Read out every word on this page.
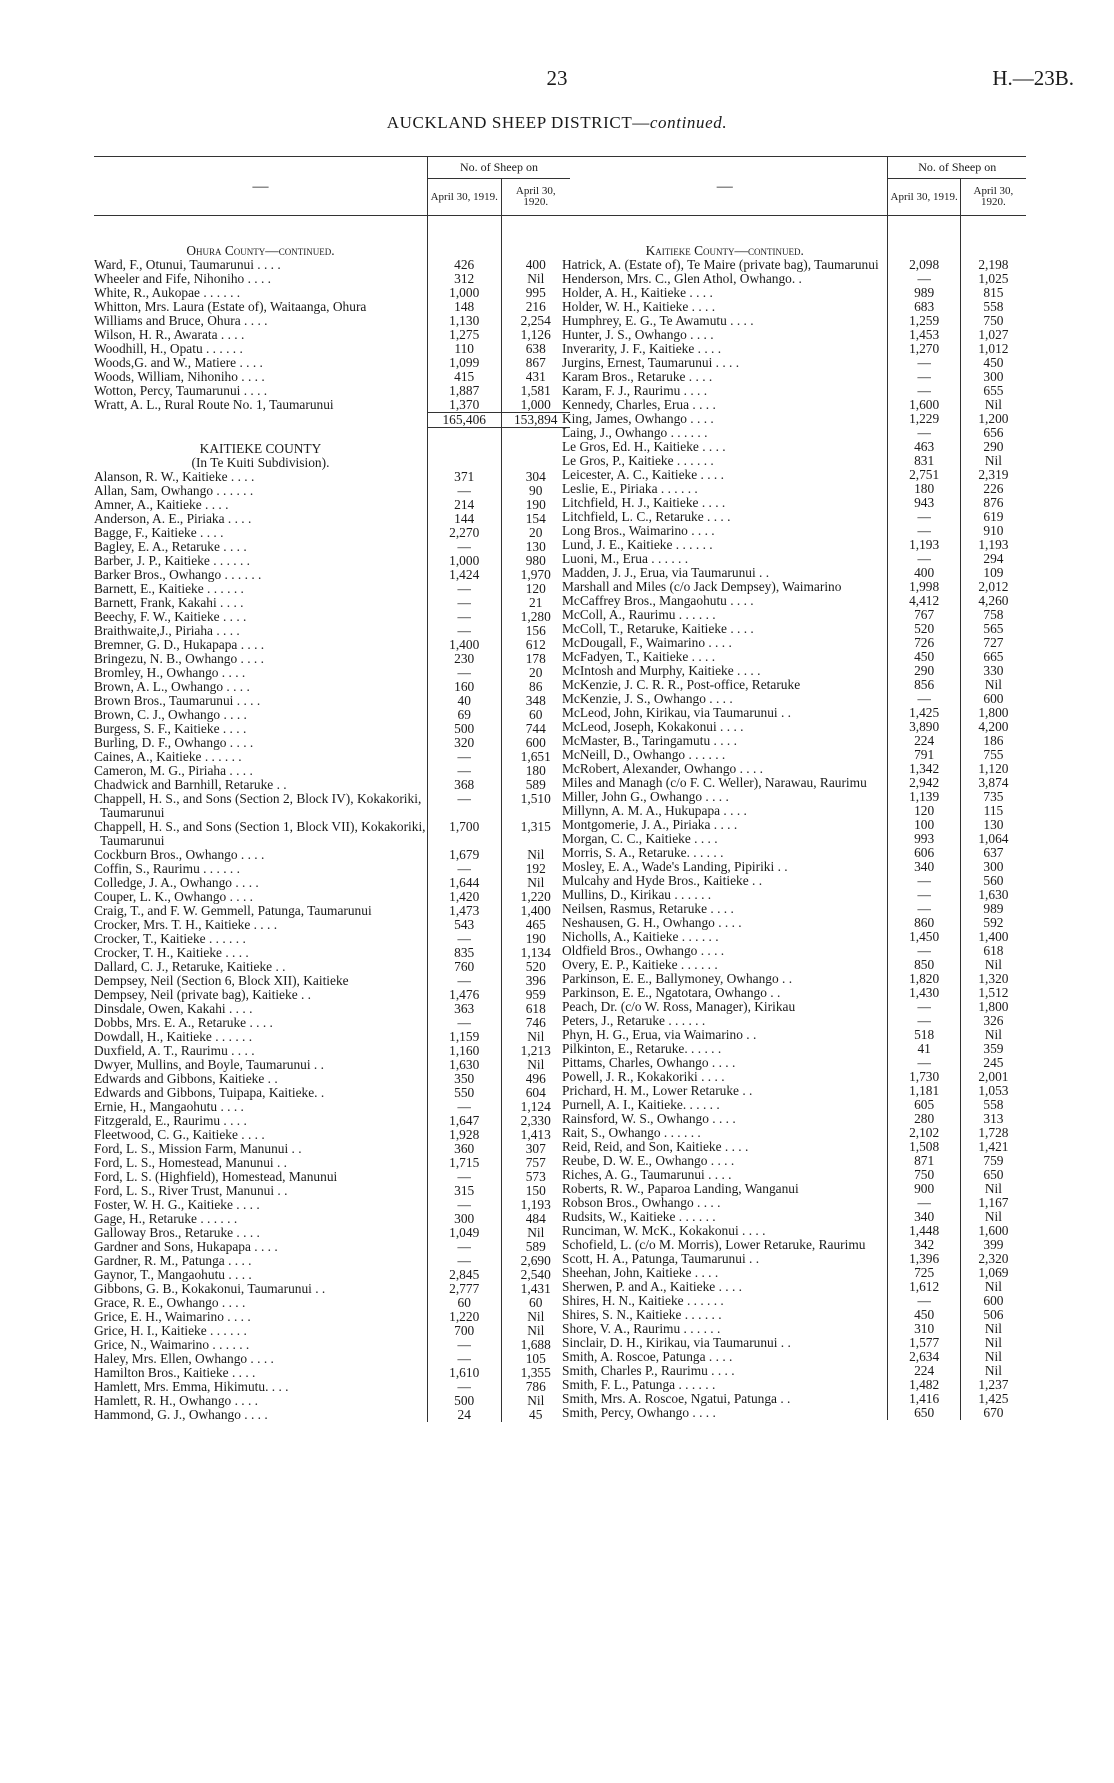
23	H.—23B.
AUCKLAND SHEEP DISTRICT—continued.
—	No. of Sheep on	
	April 30, 1919.	April 30, 1920.

Ohura County—continued.		
Ward, F., Otunui, Taumarunui . . . .	426	400
Wheeler and Fife, Nihoniho . . . .	312	Nil
White, R., Aukopae . . . . . .	1,000	995
Whitton, Mrs. Laura (Estate of), Waitaanga, Ohura	148	216
Williams and Bruce, Ohura . . . .	1,130	2,254
Wilson, H. R., Awarata . . . .	1,275	1,126
Woodhill, H., Opatu . . . . . .	110	638
Woods,G. and W., Matiere . . . .	1,099	867
Woods, William, Nihoniho . . . .	415	431
Wotton, Percy, Taumarunui . . . .	1,887	1,581
Wratt, A. L., Rural Route No. 1, Taumarunui	1,370	1,000
	165,406	153,894

KAITIEKE COUNTY		
(In Te Kuiti Subdivision).		
Alanson, R. W., Kaitieke . . . .	371	304
Allan, Sam, Owhango . . . . . .	—	90
Amner, A., Kaitieke . . . .	214	190
Anderson, A. E., Piriaka . . . .	144	154
Bagge, F., Kaitieke . . . .	2,270	20
Bagley, E. A., Retaruke . . . .	—	130
Barber, J. P., Kaitieke . . . . . .	1,000	980
Barker Bros., Owhango . . . . . .	1,424	1,970
Barnett, E., Kaitieke . . . . . .	—	120
Barnett, Frank, Kakahi . . . .	—	21
Beechy, F. W., Kaitieke . . . .	—	1,280
Braithwaite,J., Piriaha . . . .	—	156
Bremner, G. D., Hukapapa . . . .	1,400	612
Bringezu, N. B., Owhango . . . .	230	178
Bromley, H., Owhango . . . .	—	20
Brown, A. L., Owhango . . . .	160	86
Brown Bros., Taumarunui . . . .	40	348
Brown, C. J., Owhango . . . .	69	60
Burgess, S. F., Kaitieke . . . .	500	744
Burling, D. F., Owhango . . . .	320	600
Caines, A., Kaitieke . . . . . .	—	1,651
Cameron, M. G., Piriaha . . . .	—	180
Chadwick and Barnhill, Retaruke . .	368	589
Chappell, H. S., and Sons (Section 2, Block IV), Kokakoriki, Taumarunui	—	1,510
Chappell, H. S., and Sons (Section 1, Block VII), Kokakoriki, Taumarunui	1,700	1,315
Cockburn Bros., Owhango . . . .	1,679	Nil
Coffin, S., Raurimu . . . . . .	—	192
Colledge, J. A., Owhango . . . .	1,644	Nil
Couper, L. K., Owhango . . . .	1,420	1,220
Craig, T., and F. W. Gemmell, Patunga, Taumarunui	1,473	1,400
Crocker, Mrs. T. H., Kaitieke . . . .	543	465
Crocker, T., Kaitieke . . . . . .	—	190
Crocker, T. H., Kaitieke . . . .	835	1,134
Dallard, C. J., Retaruke, Kaitieke . .	760	520
Dempsey, Neil (Section 6, Block XII), Kaitieke	—	396
Dempsey, Neil (private bag), Kaitieke . .	1,476	959
Dinsdale, Owen, Kakahi . . . .	363	618
Dobbs, Mrs. E. A., Retaruke . . . .	—	746
Dowdall, H., Kaitieke . . . . . .	1,159	Nil
Duxfield, A. T., Raurimu . . . .	1,160	1,213
Dwyer, Mullins, and Boyle, Taumarunui . .	1,630	Nil
Edwards and Gibbons, Kaitieke . .	350	496
Edwards and Gibbons, Tuipapa, Kaitieke. .	550	604
Ernie, H., Mangaohutu . . . .	—	1,124
Fitzgerald, E., Raurimu . . . .	1,647	2,330
Fleetwood, C. G., Kaitieke . . . .	1,928	1,413
Ford, L. S., Mission Farm, Manunui . .	360	307
Ford, L. S., Homestead, Manunui . .	1,715	757
Ford, L. S. (Highfield), Homestead, Manunui	—	573
Ford, L. S., River Trust, Manunui . .	315	150
Foster, W. H. G., Kaitieke . . . .	—	1,193
Gage, H., Retaruke . . . . . .	300	484
Galloway Bros., Retaruke . . . .	1,049	Nil
Gardner and Sons, Hukapapa . . . .	—	589
Gardner, R. M., Patunga . . . .	—	2,690
Gaynor, T., Mangaohutu . . . .	2,845	2,540
Gibbons, G. B., Kokakonui, Taumarunui . .	2,777	1,431
Grace, R. E., Owhango . . . .	60	60
Grice, E. H., Waimarino . . . .	1,220	Nil
Grice, H. I., Kaitieke . . . . . .	700	Nil
Grice, N., Waimarino . . . . . .	—	1,688
Haley, Mrs. Ellen, Owhango . . . .	—	105
Hamilton Bros., Kaitieke . . . .	1,610	1,355
Hamlett, Mrs. Emma, Hikimutu. . . .	—	786
Hamlett, R. H., Owhango . . . .	500	Nil
Hammond, G. J., Owhango . . . .	24	45
—	No. of Sheep on	
	April 30, 1919.	April 30, 1920.

Kaitieke County—continued.		
Hatrick, A. (Estate of), Te Maire (private bag), Taumarunui	2,098	2,198
Henderson, Mrs. C., Glen Athol, Owhango. .	—	1,025
Holder, A. H., Kaitieke . . . .	989	815
Holder, W. H., Kaitieke . . . .	683	558
Humphrey, E. G., Te Awamutu . . . .	1,259	750
Hunter, J. S., Owhango . . . .	1,453	1,027
Inverarity, J. F., Kaitieke . . . .	1,270	1,012
Jurgins, Ernest, Taumarunui . . . .	—	450
Karam Bros., Retaruke . . . .	—	300
Karam, F. J., Raurimu . . . .	—	655
Kennedy, Charles, Erua . . . .	1,600	Nil
King, James, Owhango . . . .	1,229	1,200
Laing, J., Owhango . . . . . .	—	656
Le Gros, Ed. H., Kaitieke . . . .	463	290
Le Gros, P., Kaitieke . . . . . .	831	Nil
Leicester, A. C., Kaitieke . . . .	2,751	2,319
Leslie, E., Piriaka . . . . . .	180	226
Litchfield, H. J., Kaitieke . . . .	943	876
Litchfield, L. C., Retaruke . . . .	—	619
Long Bros., Waimarino . . . .	—	910
Lund, J. E., Kaitieke . . . . . .	1,193	1,193
Luoni, M., Erua . . . . . .	—	294
Madden, J. J., Erua, via Taumarunui . .	400	109
Marshall and Miles (c/o Jack Dempsey), Waimarino	1,998	2,012
McCaffrey Bros., Mangaohutu . . . .	4,412	4,260
McColl, A., Raurimu . . . . . .	767	758
McColl, T., Retaruke, Kaitieke . . . .	520	565
McDougall, F., Waimarino . . . .	726	727
McFadyen, T., Kaitieke . . . .	450	665
McIntosh and Murphy, Kaitieke . . . .	290	330
McKenzie, J. C. R. R., Post-office, Retaruke	856	Nil
McKenzie, J. S., Owhango . . . .	—	600
McLeod, John, Kirikau, via Taumarunui . .	1,425	1,800
McLeod, Joseph, Kokakonui . . . .	3,890	4,200
McMaster, B., Taringamutu . . . .	224	186
McNeill, D., Owhango . . . . . .	791	755
McRobert, Alexander, Owhango . . . .	1,342	1,120
Miles and Managh (c/o F. C. Weller), Narawau, Raurimu	2,942	3,874
Miller, John G., Owhango . . . .	1,139	735
Millynn, A. M. A., Hukupapa . . . .	120	115
Montgomerie, J. A., Piriaka . . . .	100	130
Morgan, C. C., Kaitieke . . . .	993	1,064
Morris, S. A., Retaruke. . . . . .	606	637
Mosley, E. A., Wade's Landing, Pipiriki . .	340	300
Mulcahy and Hyde Bros., Kaitieke . .	—	560
Mullins, D., Kirikau . . . . . .	—	1,630
Neilsen, Rasmus, Retaruke . . . .	—	989
Neshausen, G. H., Owhango . . . .	860	592
Nicholls, A., Kaitieke . . . . . .	1,450	1,400
Oldfield Bros., Owhango . . . .	—	618
Overy, E. P., Kaitieke . . . . . .	850	Nil
Parkinson, E. E., Ballymoney, Owhango . .	1,820	1,320
Parkinson, E. E., Ngatotara, Owhango . .	1,430	1,512
Peach, Dr. (c/o W. Ross, Manager), Kirikau	—	1,800
Peters, J., Retaruke . . . . . .	—	326
Phyn, H. G., Erua, via Waimarino . .	518	Nil
Pilkinton, E., Retaruke. . . . . .	41	359
Pittams, Charles, Owhango . . . .	—	245
Powell, J. R., Kokakoriki . . . .	1,730	2,001
Prichard, H. M., Lower Retaruke . .	1,181	1,053
Purnell, A. I., Kaitieke. . . . . .	605	558
Rainsford, W. S., Owhango . . . .	280	313
Rait, S., Owhango . . . . . .	2,102	1,728
Reid, Reid, and Son, Kaitieke . . . .	1,508	1,421
Reube, D. W. E., Owhango . . . .	871	759
Riches, A. G., Taumarunui . . . .	750	650
Roberts, R. W., Paparoa Landing, Wanganui	900	Nil
Robson Bros., Owhango . . . .	—	1,167
Rudsits, W., Kaitieke . . . . . .	340	Nil
Runciman, W. McK., Kokakonui . . . .	1,448	1,600
Schofield, L. (c/o M. Morris), Lower Retaruke, Raurimu	342	399
Scott, H. A., Patunga, Taumarunui . .	1,396	2,320
Sheehan, John, Kaitieke . . . .	725	1,069
Sherwen, P. and A., Kaitieke . . . .	1,612	Nil
Shires, H. N., Kaitieke . . . . . .	—	600
Shires, S. N., Kaitieke . . . . . .	450	506
Shore, V. A., Raurimu . . . . . .	310	Nil
Sinclair, D. H., Kirikau, via Taumarunui . .	1,577	Nil
Smith, A. Roscoe, Patunga . . . .	2,634	Nil
Smith, Charles P., Raurimu . . . .	224	Nil
Smith, F. L., Patunga . . . . . .	1,482	1,237
Smith, Mrs. A. Roscoe, Ngatui, Patunga . .	1,416	1,425
Smith, Percy, Owhango . . . .	650	670
